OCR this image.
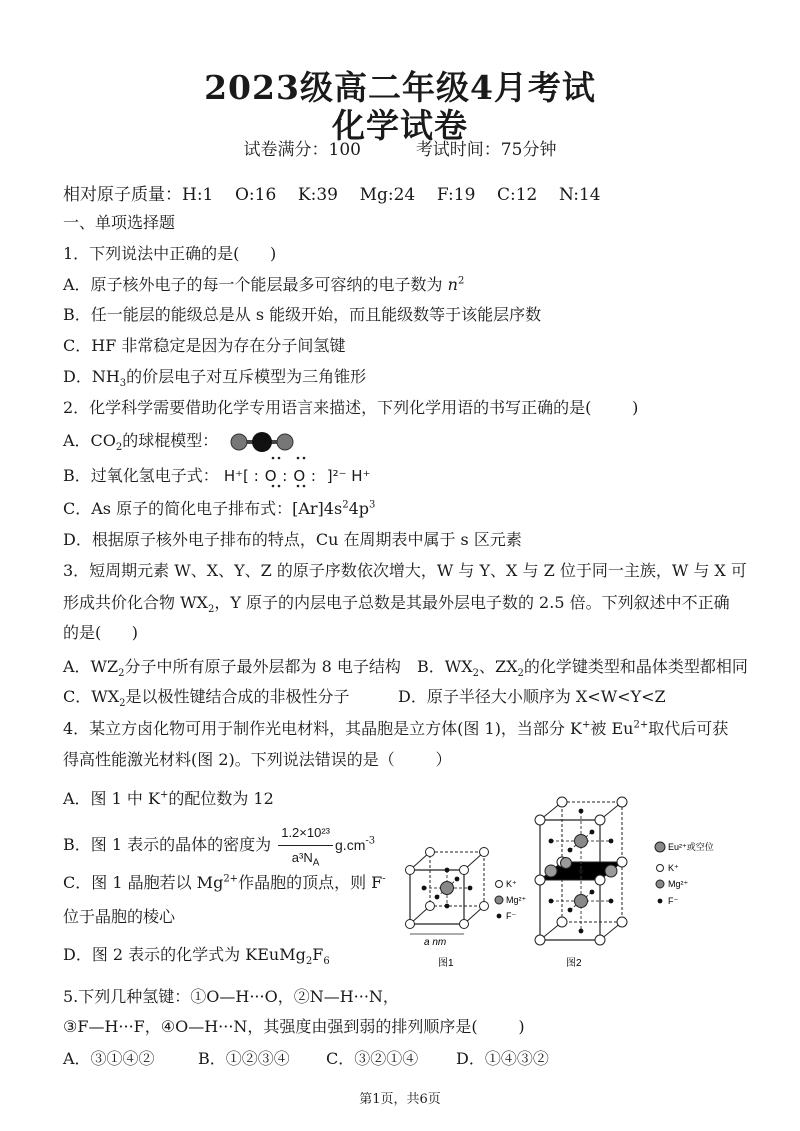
2023级高二年级4月考试
化学试卷
试卷满分：100	考试时间：75分钟
相对原子质量：H:1    O:16    K:39    Mg:24    F:19    C:12    N:14
一、单项选择题
1．下列说法中正确的是(      )
A．原子核外电子的每一个能层最多可容纳的电子数为 $n^2$
B．任一能层的能级总是从 s 能级开始，而且能级数等于该能层序数
C．HF 非常稳定是因为存在分子间氢键
D．$NH_3$的价层电子对互斥模型为三角锥形
2．化学科学需要借助化学专用语言来描述，下列化学用语的书写正确的是(        )
A．$CO_2$的球棍模型：
B．过氧化氢电子式： H⁺[ :O:O: ]²⁻ H⁺
C．As 原子的简化电子排布式：$[Ar]4s^24p^3$
D．根据原子核外电子排布的特点，Cu 在周期表中属于 s 区元素
3．短周期元素 W、X、Y、Z 的原子序数依次增大，W 与 Y、X 与 Z 位于同一主族，W 与 X 可
形成共价化合物 $WX_2$，Y 原子的内层电子总数是其最外层电子数的 2.5 倍。下列叙述中不正确
的是(      )
A．$WZ_2$分子中所有原子最外层都为 8 电子结构 B．$WX_2$、$ZX_2$的化学键类型和晶体类型都相同
C．$WX_2$是以极性键结合成的非极性分子	D．原子半径大小顺序为 X<W<Y<Z
4．某立方卤化物可用于制作光电材料，其晶胞是立方体(图 1)，当部分 K+被 $Eu^{2+}$取代后可获
得高性能激光材料(图 2)。下列说法错误的是（        ）
A．图 1 中 K+的配位数为 12
B．图 1 表示的晶体的密度为 $\frac{\text{1.2×10²³}}{a^3N_A} g.cm^{-3}$
C．图 1 晶胞若以 $Mg^{2+}$作晶胞的顶点，则 F-
位于晶胞的棱心
D．图 2 表示的化学式为 $KEuMg_2F_6$
a nm
K⁺
Mg²⁺
F⁻
图1
Eu²⁺或空位
K⁺
Mg²⁺
F⁻
图2
5.下列几种氢键：①O—H···O，②N—H···N，
③F—H···F，④O—H···N，其强度由强到弱的排列顺序是(        )
A．③①④②	B．①②③④ C．③②①④ D．①④③②
第1页，共6页
